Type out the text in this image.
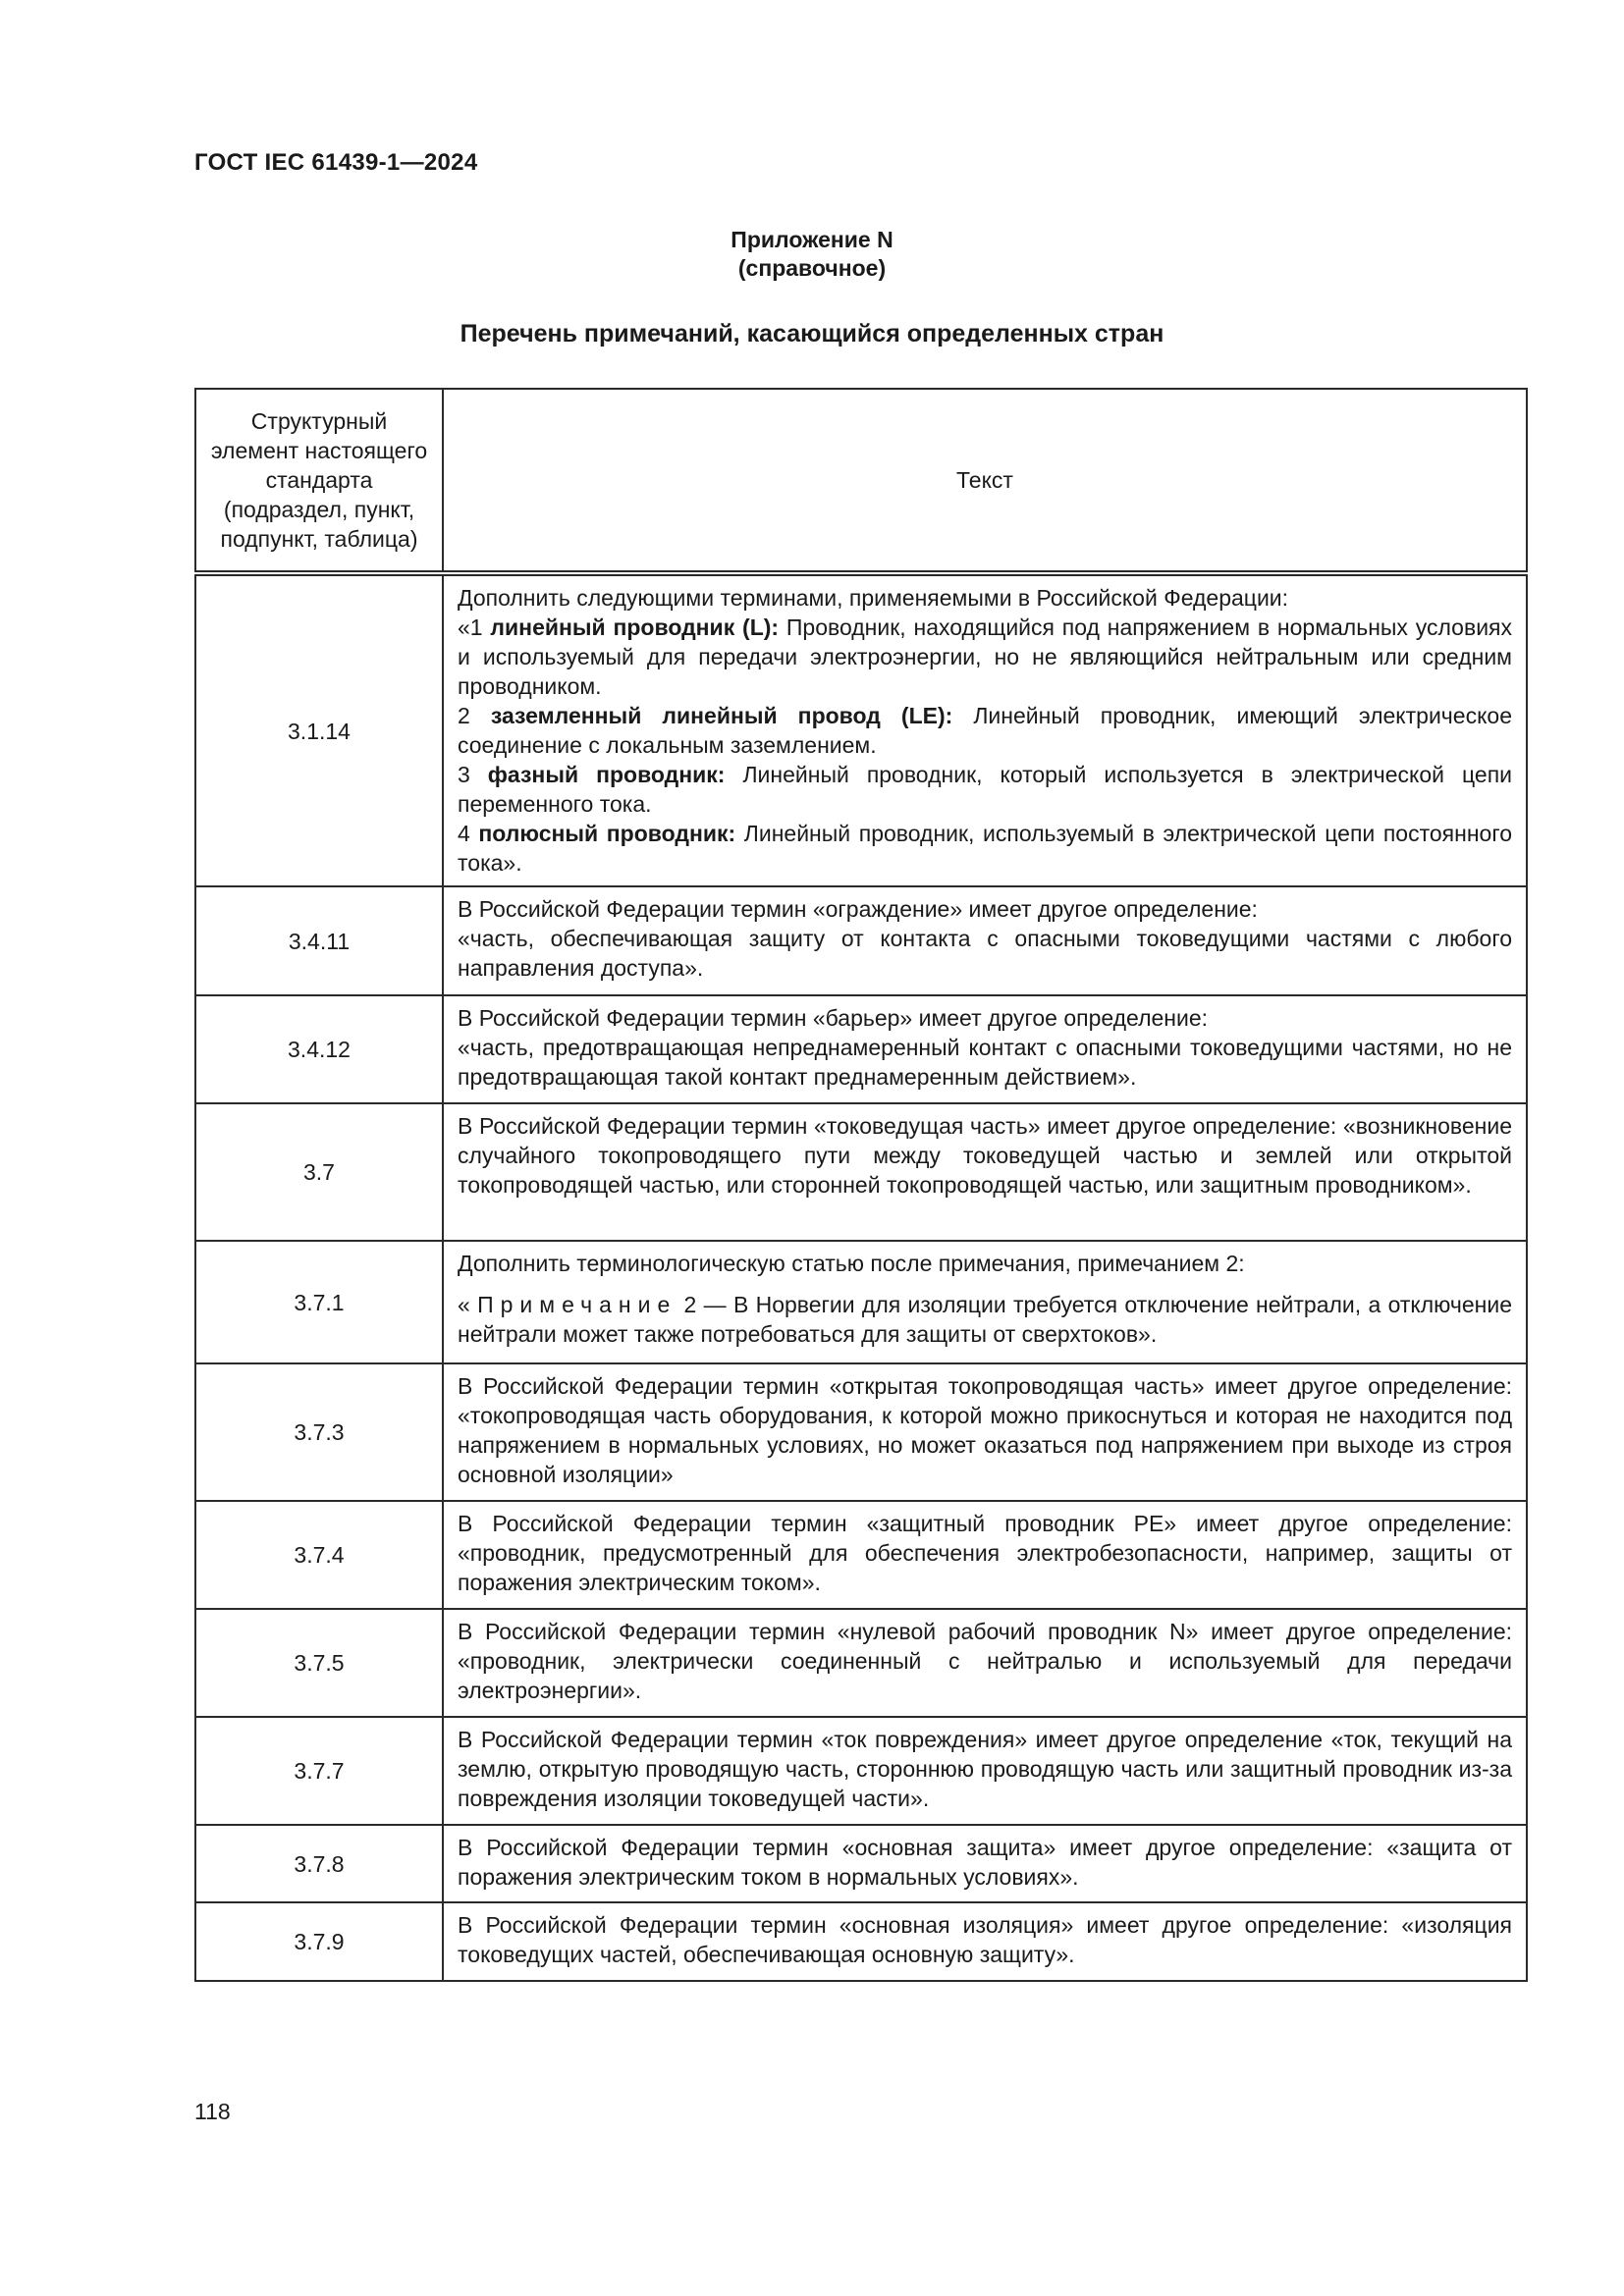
ГОСТ IEC 61439-1—2024
Приложение N
(справочное)
Перечень примечаний, касающийся определенных стран
Структурный элемент настоящего стандарта (подраздел, пункт, подпункт, таблица)	Текст
3.1.14	Дополнить следующими терминами, применяемыми в Российской Федерации:
«1 линейный проводник (L): Проводник, находящийся под напряжением в нормальных условиях и используемый для передачи электроэнергии, но не являющийся нейтральным или средним проводником.
2 заземленный линейный провод (LE): Линейный проводник, имеющий электрическое соединение с локальным заземлением.
3 фазный проводник: Линейный проводник, который используется в электрической цепи переменного тока.
4 полюсный проводник: Линейный проводник, используемый в электрической цепи постоянного тока».

3.4.11	В Российской Федерации термин «ограждение» имеет другое определение:
«часть, обеспечивающая защиту от контакта с опасными токоведущими частями с любого направления доступа».

3.4.12	В Российской Федерации термин «барьер» имеет другое определение:
«часть, предотвращающая непреднамеренный контакт с опасными токоведущими частями, но не предотвращающая такой контакт преднамеренным действием».

3.7	В Российской Федерации термин «токоведущая часть» имеет другое определение: «возникновение случайного токопроводящего пути между токоведущей частью и землей или открытой токопроводящей частью, или сторонней токопроводящей частью, или защитным проводником».
3.7.1	Дополнить терминологическую статью после примечания, примечанием 2:
« Примечание 2 — В Норвегии для изоляции требуется отключение нейтрали, а отключение нейтрали может также потребоваться для защиты от сверхтоков».

3.7.3	В Российской Федерации термин «открытая токопроводящая часть» имеет другое определение: «токопроводящая часть оборудования, к которой можно прикоснуться и которая не находится под напряжением в нормальных условиях, но может оказаться под напряжением при выходе из строя основной изоляции»
3.7.4	В Российской Федерации термин «защитный проводник PE» имеет другое определение: «проводник, предусмотренный для обеспечения электробезопасности, например, защиты от поражения электрическим током».
3.7.5	В Российской Федерации термин «нулевой рабочий проводник N» имеет другое определение: «проводник, электрически соединенный с нейтралью и используемый для передачи электроэнергии».
3.7.7	В Российской Федерации термин «ток повреждения» имеет другое определение «ток, текущий на землю, открытую проводящую часть, стороннюю проводящую часть или защитный проводник из-за повреждения изоляции токоведущей части».
3.7.8	В Российской Федерации термин «основная защита» имеет другое определение: «защита от поражения электрическим током в нормальных условиях».
3.7.9	В Российской Федерации термин «основная изоляция» имеет другое определение: «изоляция токоведущих частей, обеспечивающая основную защиту».
118
